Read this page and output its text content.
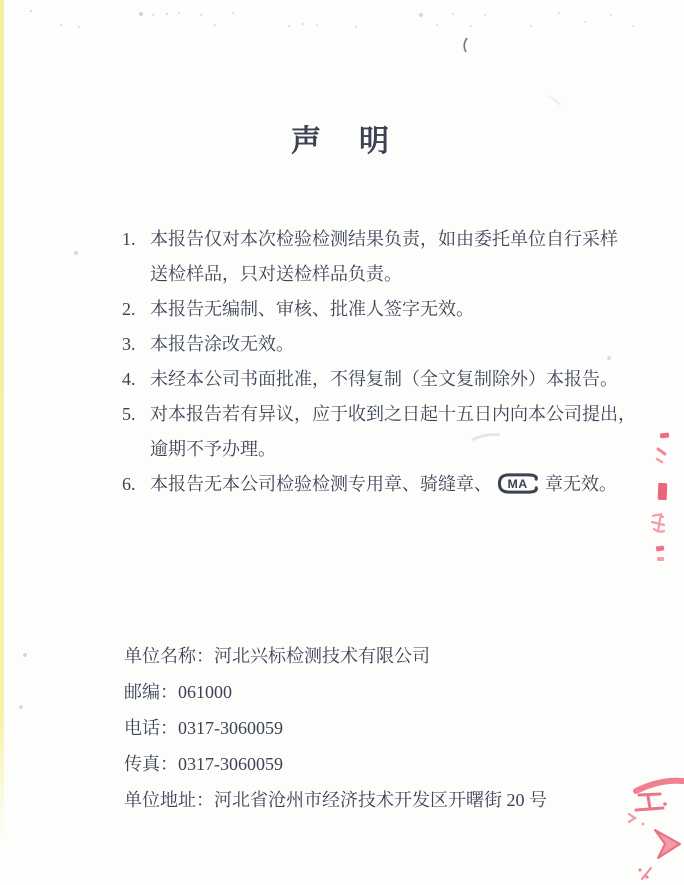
声　明
1. 本报告仅对本次检验检测结果负责，如由委托单位自行采样
送检样品，只对送检样品负责。
2. 本报告无编制、审核、批准人签字无效。
3. 本报告涂改无效。
4. 未经本公司书面批准，不得复制（全文复制除外）本报告。
5. 对本报告若有异议，应于收到之日起十五日内向本公司提出，
逾期不予办理。
6. 本报告无本公司检验检测专用章、骑缝章、 MA 章无效。
单位名称：河北兴标检测技术有限公司
邮编：061000
电话：0317-3060059
传真：0317-3060059
单位地址：河北省沧州市经济技术开发区开曙街 20 号
